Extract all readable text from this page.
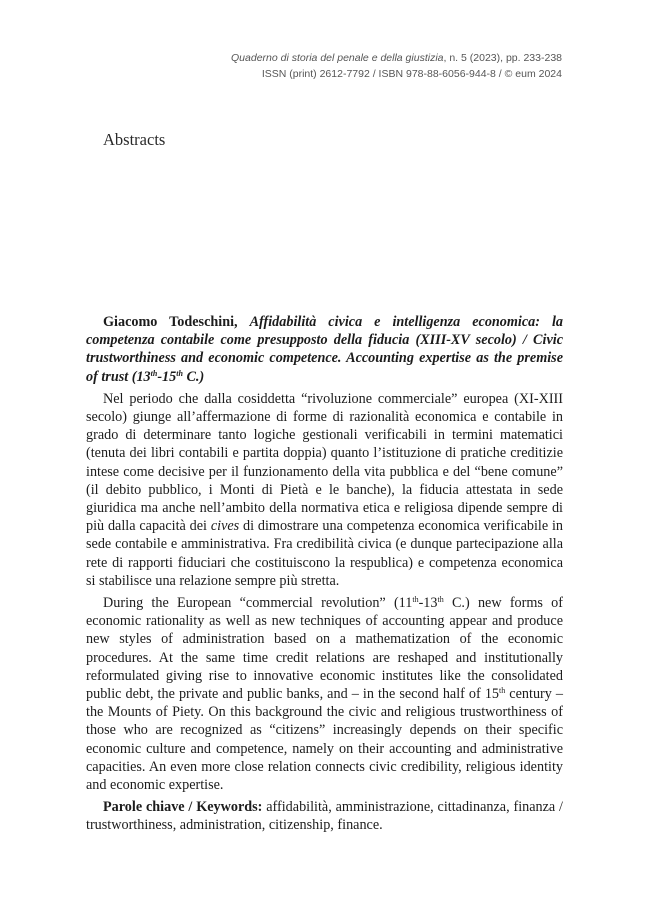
Quaderno di storia del penale e della giustizia, n. 5 (2023), pp. 233-238
ISSN (print) 2612-7792 / ISBN 978-88-6056-944-8 / © eum 2024
Abstracts

Giacomo Todeschini, Affidabilità civica e intelligenza economica: la competenza contabile come presupposto della fiducia (XIII-XV secolo) / Civic trustworthiness and economic competence. Accounting expertise as the premise of trust (13th-15th C.)

Nel periodo che dalla cosiddetta “rivoluzione commerciale” europea (XI-XIII secolo) giunge all’affermazione di forme di razionalità economica e contabile in grado di determinare tanto logiche gestionali verificabili in termini matematici (tenuta dei libri contabili e partita doppia) quanto l’istituzione di pratiche creditizie intese come decisive per il funzionamento della vita pubblica e del “bene comune” (il debito pubblico, i Monti di Pietà e le banche), la fiducia attestata in sede giuridica ma anche nell’ambito della normativa etica e religiosa dipende sempre di più dalla capacità dei cives di dimostrare una competenza economica verificabile in sede contabile e amministrativa. Fra credibilità civica (e dunque partecipazione alla rete di rapporti fiduciari che costituiscono la respublica) e competenza economica si stabilisce una relazione sempre più stretta.

During the European “commercial revolution” (11th-13th C.) new forms of economic rationality as well as new techniques of accounting appear and produce new styles of administration based on a mathematization of the economic procedures. At the same time credit relations are reshaped and institutionally reformulated giving rise to innovative economic institutes like the consolidated public debt, the private and public banks, and – in the second half of 15th century – the Mounts of Piety. On this background the civic and religious trustworthiness of those who are recognized as “citizens” increasingly depends on their specific economic culture and competence, namely on their accounting and administrative capacities. An even more close relation connects civic credibility, religious identity and economic expertise.

Parole chiave / Keywords: affidabilità, amministrazione, cittadinanza, finanza / trustworthiness, administration, citizenship, finance.
